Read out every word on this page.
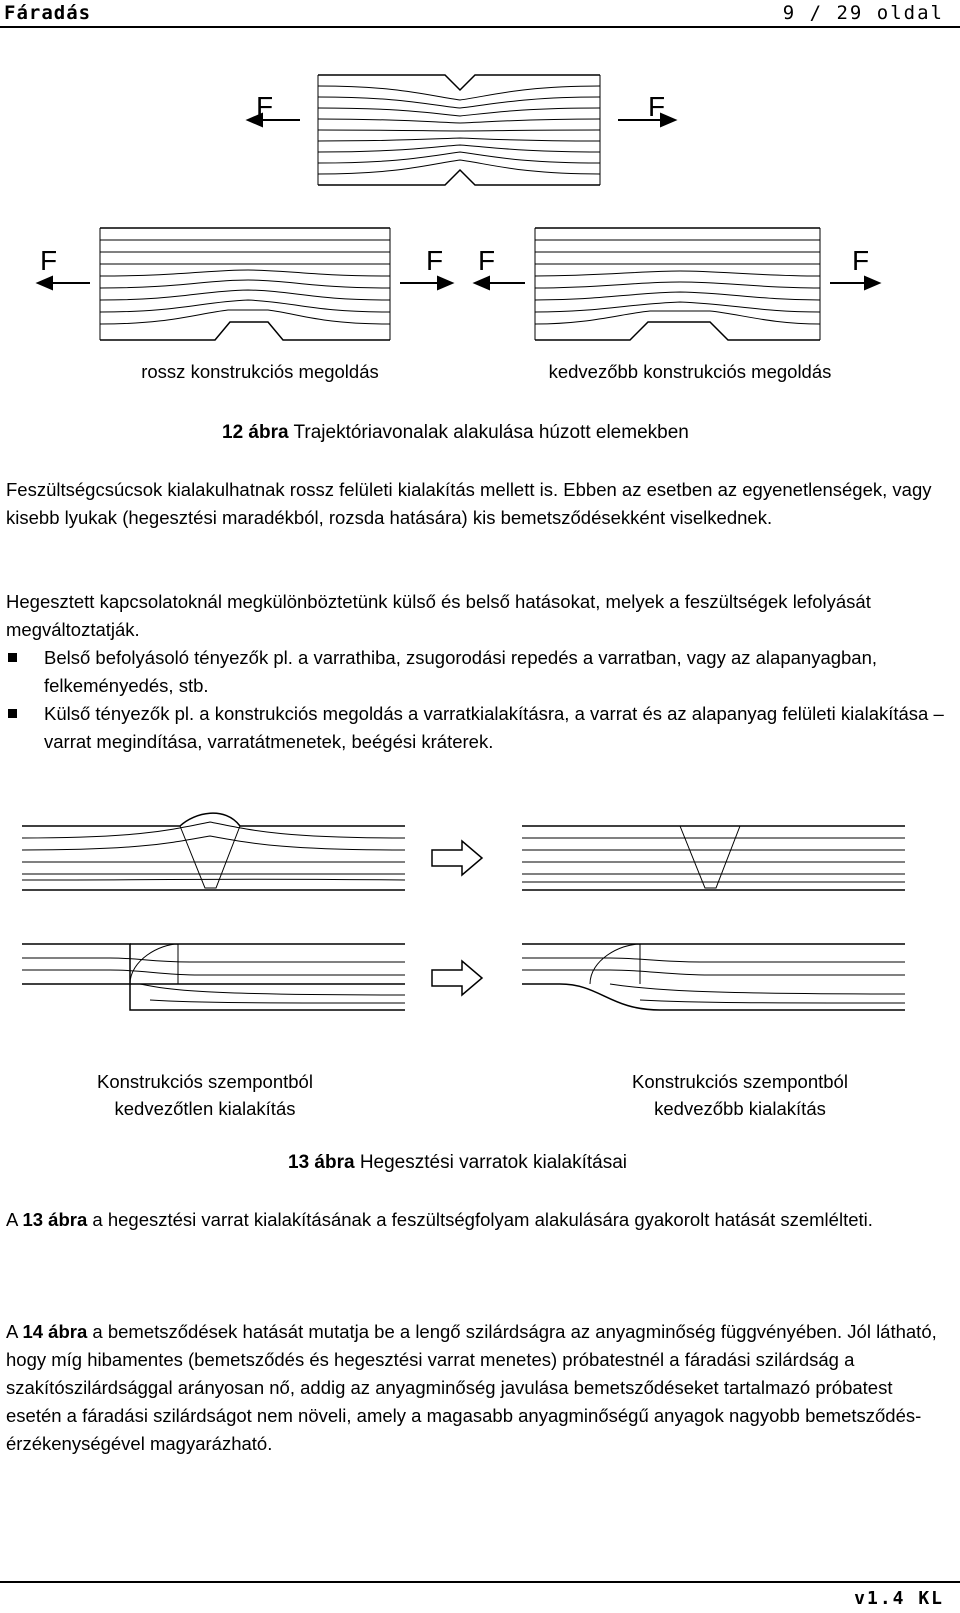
Fáradás	9 / 29 oldal
F	F
F	F F	F
rossz konstrukciós megoldás	kedvezőbb konstrukciós megoldás
12 ábra Trajektóriavonalak alakulása húzott elemekben
Feszültségcsúcsok kialakulhatnak rossz felületi kialakítás mellett is. Ebben az esetben az egyenetlenségek, vagy kisebb lyukak (hegesztési maradékból, rozsda hatására) kis bemetsződésekként viselkednek.
Hegesztett kapcsolatoknál megkülönböztetünk külső és belső hatásokat, melyek a feszültségek lefolyását megváltoztatják.
Belső befolyásoló tényezők pl. a varrathiba, zsugorodási repedés a varratban, vagy az alapanyagban, felkeményedés, stb.
Külső tényezők pl. a konstrukciós megoldás a varratkialakításra, a varrat és az alapanyag felületi kialakítása – varrat megindítása, varratátmenetek, beégési kráterek.
Konstrukciós szempontból
kedvezőtlen kialakítás
Konstrukciós szempontból
kedvezőbb kialakítás
13 ábra Hegesztési varratok kialakításai
A 13 ábra a hegesztési varrat kialakításának a feszültségfolyam alakulására gyakorolt hatását szemlélteti.
A 14 ábra a bemetsződések hatását mutatja be a lengő szilárdságra az anyagminőség függvényében. Jól látható, hogy míg hibamentes (bemetsződés és hegesztési varrat menetes) próbatestnél a fáradási szilárdság a szakítószilárdsággal arányosan nő, addig az anyagminőség javulása bemetsződéseket tartalmazó próbatest esetén a fáradási szilárdságot nem növeli, amely a magasabb anyagminőségű anyagok nagyobb bemetsződés-érzékenységével magyarázható.
v1.4 KL
